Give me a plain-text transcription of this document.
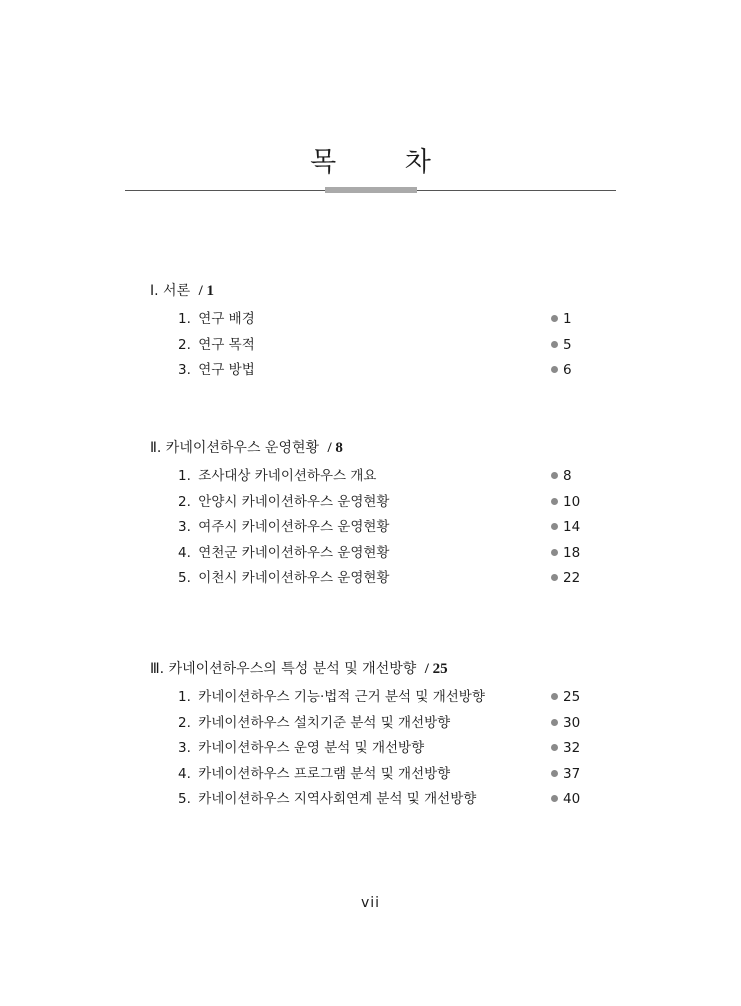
목 차
Ⅰ. 서론 / 1
1. 연구 배경	1
2. 연구 목적	5
3. 연구 방법	6
Ⅱ. 카네이션하우스 운영현황 / 8
1. 조사대상 카네이션하우스 개요	8
2. 안양시 카네이션하우스 운영현황	10
3. 여주시 카네이션하우스 운영현황	14
4. 연천군 카네이션하우스 운영현황	18
5. 이천시 카네이션하우스 운영현황	22
Ⅲ. 카네이션하우스의 특성 분석 및 개선방향 / 25
1. 카네이션하우스 기능·법적 근거 분석 및 개선방향	25
2. 카네이션하우스 설치기준 분석 및 개선방향	30
3. 카네이션하우스 운영 분석 및 개선방향	32
4. 카네이션하우스 프로그램 분석 및 개선방향	37
5. 카네이션하우스 지역사회연계 분석 및 개선방향	40
vii
